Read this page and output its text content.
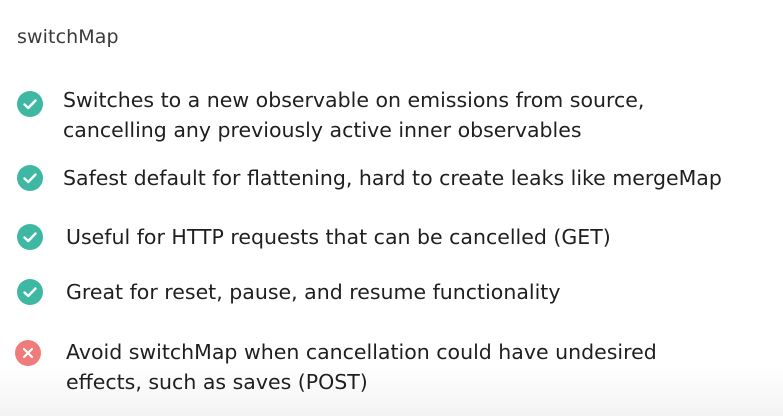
switchMap
Switches to a new observable on emissions from source,
cancelling any previously active inner observables
Safest default for flattening, hard to create leaks like mergeMap
Useful for HTTP requests that can be cancelled (GET)
Great for reset, pause, and resume functionality
Avoid switchMap when cancellation could have undesired
effects, such as saves (POST)
